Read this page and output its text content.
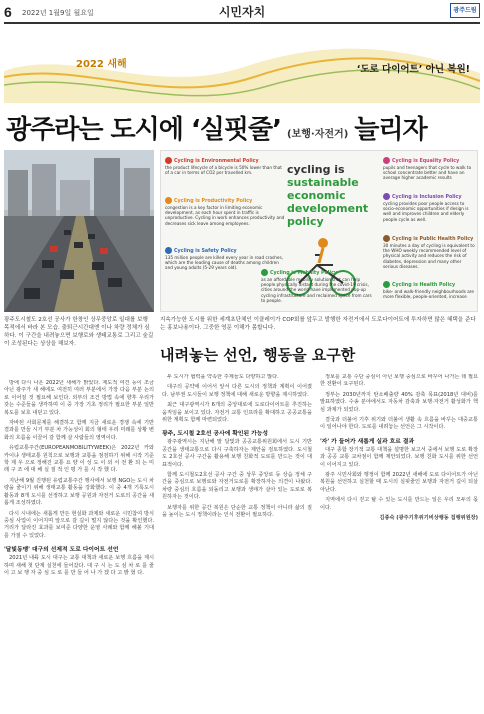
6 2022년 1월9일 월요일	시민자치	광주드림
2022 새해	‘도로 다이어트’ 아닌 복원!
광주라는 도시에 ‘실핏줄’ (보행·자전거) 늘리자
cycling is
sustainable
economic
development
policy
Cycling is Environmental Policy
the product lifecycle of a bicycle is 50% lower than that of a car in terms of CO2 per travelled km.
Cycling is Productivity Policy
congestion is a key factor in limiting economic development, as each hour spent in traffic is unproductive. Cycling in work enhances productivity and decreases sick leave among employees.
Cycling is Safety Policy
135 million people are killed every year in road crashes, which are the leading cause of deaths among children and young adults (5-29 years old).
Cycling is Mobility Policy
as an affordable mobility solution that can help people physically distant during the covid-19 crisis, cities around the world have implemented pop-up cycling infrastructure and reclaimed space from cars to people.
Cycling is Equality Policy
pupils and teenagers that cycle to walk to school concentrate better and have an average higher academic results
Cycling is Inclusion Policy
cycling provides poor people access to socio-economic opportunities if design is well and improves children and elderly people cycle as well.
Cycling is Public Health Policy
30 minutes a day of cycling is equivalent to the WHO weekly recommended level of physical activity and reduces the risk of diabetes, depression and many other serious diseases.
Cycling is Health Policy
bike- and walk-friendly neighbourhoods are more flexible, people-oriented, increase
광주도시철도 2호선 공사가 한창인 상무중앙로 일대를 보행 목적에서 바라 본 모습. 출퇴근시간대엔 이나 차량 정체가 심하다. 이 구간을 내려놓으면 보행로와 생태교통로 그리고 숲길이 조성된다는 상상을 해보자.
지속가능한 도시를 위한 세계초단체인 이클레이가 COP회를 앞두고 발행한 자전거에서 도로다이어트에 투자하면 많은 혜택을 준다는 홍보나용이다. 그중한 영문 이해가 몸합니다.
내려놓는 선언, 행동을 요구한

방에 다시 나온 2022년 새해가 밝았다. 제도적 여건 등이 조금 아닌 광주가 새 해에도 여전히 여러 부분에서 가장 다음 부분 논의로 이어질 것 필요해 보인다. 외부의 조건 방법 속에 향후 우리가 갖는 수준들을 생각하며 이 중 가장 기초 정리가 필요한 부분 일반 복도를 보호 내딛고 있다.

자바된 사회문제를 해결하고 함께 지금 새로운 경쟁 속에 기반 결과를 만들 시기 부분 차 가능성이 회의 형태 우리 미래를 상황 변화의 흐름을 이끌어 갈 함께 살 사람들의 영역이다.

유럽교통주간(EUROPEANMOBILITYWEEK)은 2022년 카와 카이냐 생태교통 원칙으로 보행과 교통을 점검하기 위해 시작 기준 학 제 우 으로 정해진 교통 요 양 이 성 도 이 외 서 전 환 되 는 미 래 구 조 에 대 해 실 질 적 인 평 가 를 시 작 했 다.

지난해 9월 진행된 유럽교통주간 행사에서 보행 NGO는 도시 차량을 줄이기 위해 생태교통 활동을 강화했다. 이 중 4개 기록도시 활동과 8개 도시를 선정하고 보행 공원과 자전거 도로의 공간을 새롭게 조성하였다.

다시 시내에는 새롭게 만든 현실화 과제와 새로운 시민참여 방식 중심 사업이 이어지며 앞으로 갈 길이 멀지 않다는 것을 확인했다. 거리가 달라진 효과를 보여준 다양한 운영 사례와 함께 해볼 기대를 가질 수 있었다.

'달빛동맹' 대구의 선제적 도로 다이어트 선언

2021년 내륙 도시 대구는 교통 대책과 새로운 보행 흐름을 제시하며 새해 첫 단계 실천에 들어갔다. 대 구 시 는 도 심 차 로 를 줄 이 고 보 행 자 중 심 도 로 를 만 들 어 나 가 겠 다 고 밝 혔 다.

두 도시가 협력을 약속한 주제들도 다양하고 많다.

대구의 공약에 이어서 앞서 다른 도시의 정책과 계획이 이어졌다. 남부권 도시들이 보행 정책에 대해 새로운 방향을 제시하였다.

최근 대구광역시가 6개의 중앙대로에 도로다이어트를 추진하는 움직임을 보이고 있다. 자전거 교통 인프라를 확대하고 공공교통을 위한 계획도 함께 마련되었다.

광주, 도시철 2호선 공사에 확인된 가능성

광주광역시는 지난해 말 달빛과 공공교통위원회에서 도시 기반 공간을 생태교통으로 다시 구축하자는 제안을 검토하였다. 도시철도 2호선 공사 구간을 활용해 보행 친화적 도로를 만드는 것이 대표적이다.

함께 도시철도2호선 공사 구간 중 상무 중앙로 등 상습 정체 구간을 중심으로 보행로와 자전거도로를 확장하자는 의견이 나왔다. 차량 중심의 흐름을 되돌리고 보행과 생태가 살아 있는 도로로 복원하자는 것이다.

보행자를 위한 공간 복원은 단순한 교통 정책이 아니라 삶의 질을 높이는 도시 정책이라는 인식 전환이 필요하다.

정보를 교통 수단 중심이 아닌 보행 중심으로 바꾸어 나가는 데 필요한 전환이 요구된다.

정부는 2030년까지 탄소배출량 40% 감축 목표(2018년 대비)를 발표하였다. 수송 분야에서도 자동차 감축과 보행·자전거 활성화가 핵심 과제가 되었다.

결국과 더불어 기후 위기와 더불어 생활 속 흐름을 바꾸는 대중교통이 일어나야 한다. 도로를 내려놓는 선언은 그 시작이다.

'자' 가 들어가 새롭게 실과 흐르 결과

대구 종합 장기적 교통 대책을 설명한 보고서 중에서 보행 도로 확장과 공공 교통 교차점이 함께 제안되었다. 보행 친화 도시를 위한 선언이 이어지고 있다.

광주 시민사회와 행정이 함께 2022년 새해에 도로 다이어트가 아닌 복원을 선언하고 실천할 때 도시의 실핏줄인 보행과 자전거 길이 되살아난다.

지역에서 다시 걷고 탈 수 있는 도시를 만드는 일은 우리 모두의 몫이다.

김종숙 (광주기후위기비상행동 집행위원장)
